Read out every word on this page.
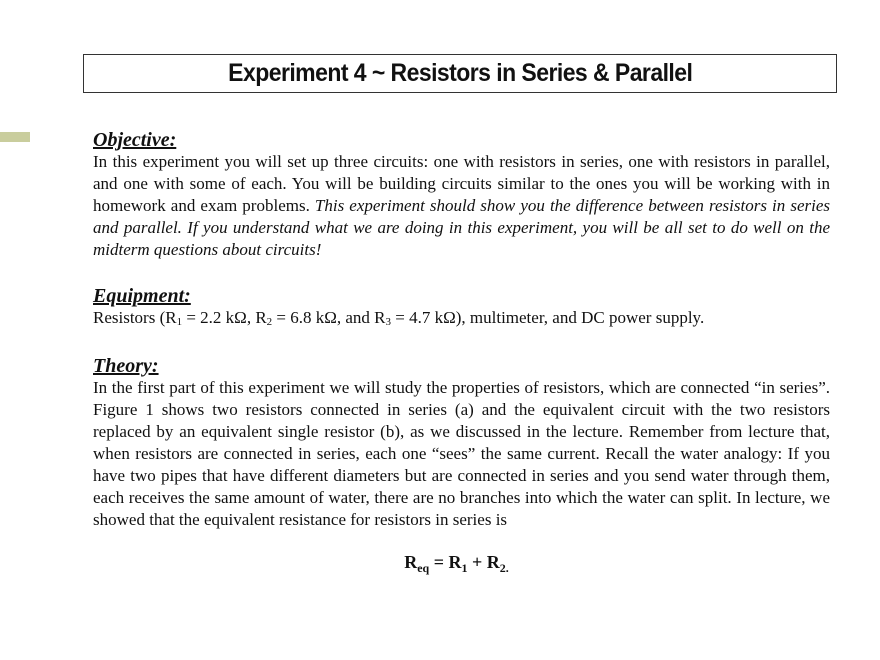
Experiment 4 ~ Resistors in Series & Parallel

Objective:

In this experiment you will set up three circuits: one with resistors in series, one with resistors in parallel, and one with some of each. You will be building circuits similar to the ones you will be working with in homework and exam problems. This experiment should show you the difference between resistors in series and parallel. If you understand what we are doing in this experiment, you will be all set to do well on the midterm questions about circuits!

Equipment:

Resistors (R1 = 2.2 kΩ, R2 = 6.8 kΩ, and R3 = 4.7 kΩ), multimeter, and DC power supply.

Theory:

In the first part of this experiment we will study the properties of resistors, which are connected “in series”. Figure 1 shows two resistors connected in series (a) and the equivalent circuit with the two resistors replaced by an equivalent single resistor (b), as we discussed in the lecture. Remember from lecture that, when resistors are connected in series, each one “sees” the same current. Recall the water analogy: If you have two pipes that have different diameters but are connected in series and you send water through them, each receives the same amount of water, there are no branches into which the water can split. In lecture, we showed that the equivalent resistance for resistors in series is

$R_{eq} = R_1 + R_{2.}$
